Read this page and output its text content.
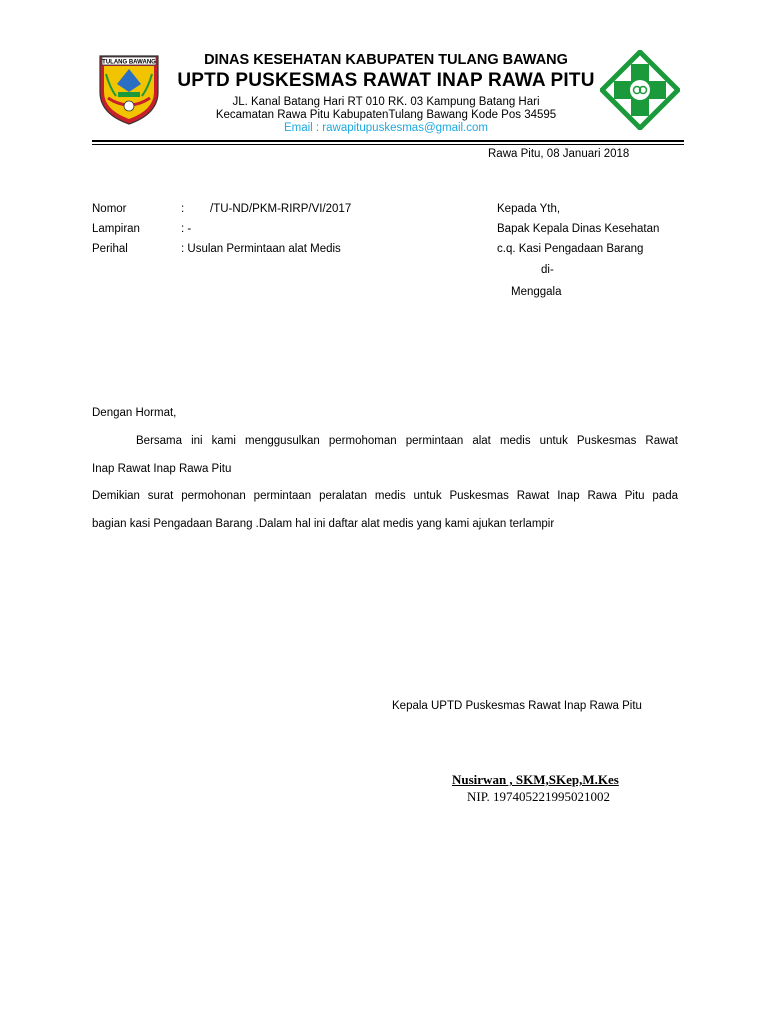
TULANG BAWANG	DINAS KESEHATAN KABUPATEN TULANG BAWANG
UPTD PUSKESMAS RAWAT INAP RAWA PITU
JL. Kanal Batang Hari RT 010 RK. 03 Kampung Batang Hari
Kecamatan Rawa Pitu KabupatenTulang Bawang Kode Pos 34595
Email : rawapitupuskesmas@gmail.com
Rawa Pitu, 08 Januari 2018
Nomor	: /TU-ND/PKM-RIRP/VI/2017
Lampiran	: -
Perihal	: Usulan Permintaan alat Medis
Kepada Yth,
Bapak Kepala Dinas Kesehatan
c.q. Kasi Pengadaan Barang
di-
Menggala
Dengan Hormat,
Bersama ini kami menggusulkan permohoman permintaan alat medis untuk Puskesmas Rawat
Inap Rawat Inap Rawa Pitu
Demikian surat permohonan permintaan peralatan medis untuk Puskesmas Rawat Inap Rawa Pitu pada
bagian kasi Pengadaan Barang .Dalam hal ini daftar alat medis yang kami ajukan terlampir
Kepala UPTD Puskesmas Rawat Inap Rawa Pitu
Nusirwan , SKM,SKep,M.Kes
NIP. 197405221995021002
